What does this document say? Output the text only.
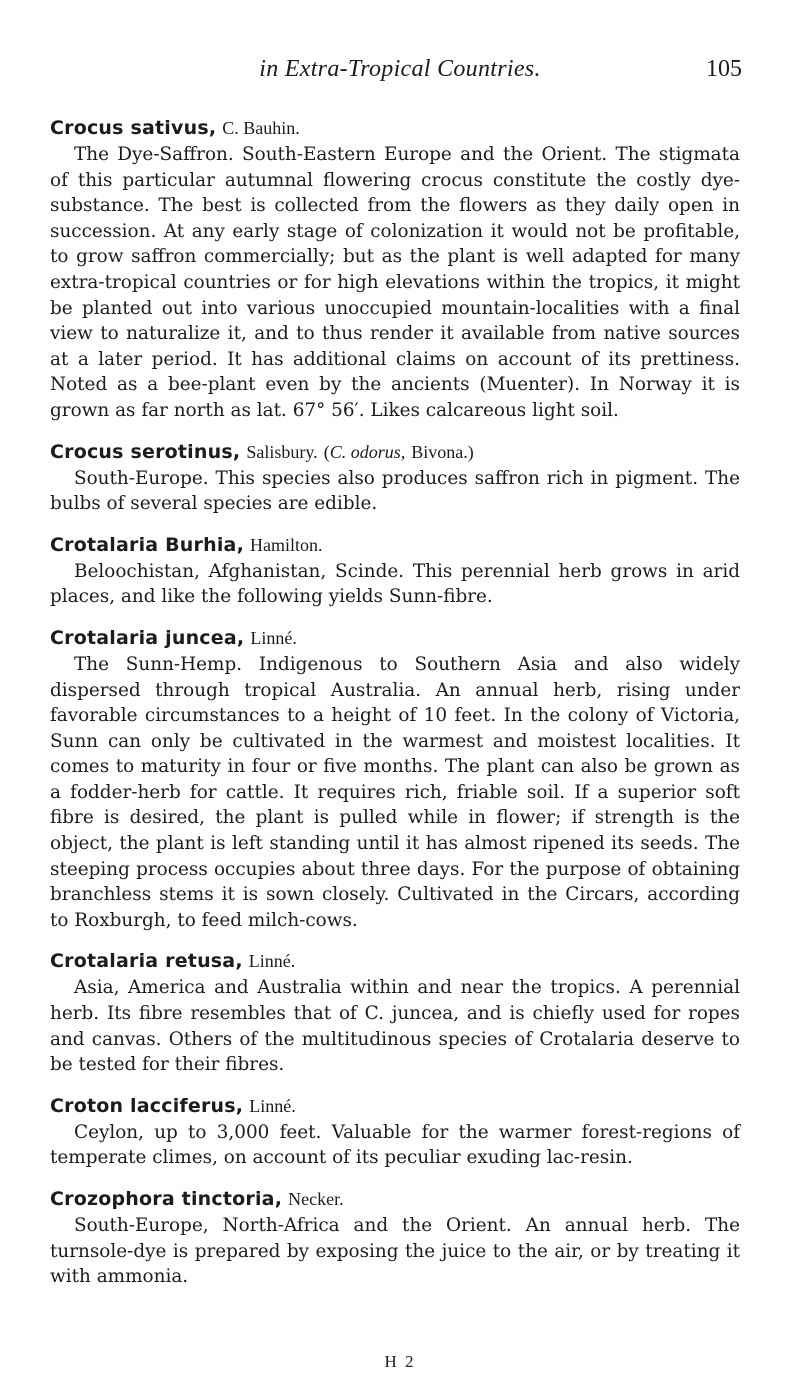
in Extra-Tropical Countries.	105
Crocus sativus, C. Bauhin.

The Dye-Saffron. South-Eastern Europe and the Orient. The stigmata of this particular autumnal flowering crocus constitute the costly dye-substance. The best is collected from the flowers as they daily open in succession. At any early stage of colonization it would not be profitable, to grow saffron commercially; but as the plant is well adapted for many extra-tropical countries or for high elevations within the tropics, it might be planted out into various unoccupied mountain-localities with a final view to naturalize it, and to thus render it available from native sources at a later period. It has additional claims on account of its prettiness. Noted as a bee-plant even by the ancients (Muenter). In Norway it is grown as far north as lat. 67° 56′. Likes calcareous light soil.

Crocus serotinus, Salisbury. (C. odorus, Bivona.)

South-Europe. This species also produces saffron rich in pigment. The bulbs of several species are edible.

Crotalaria Burhia, Hamilton.

Beloochistan, Afghanistan, Scinde. This perennial herb grows in arid places, and like the following yields Sunn-fibre.

Crotalaria juncea, Linné.

The Sunn-Hemp. Indigenous to Southern Asia and also widely dispersed through tropical Australia. An annual herb, rising under favorable circumstances to a height of 10 feet. In the colony of Victoria, Sunn can only be cultivated in the warmest and moistest localities. It comes to maturity in four or five months. The plant can also be grown as a fodder-herb for cattle. It requires rich, friable soil. If a superior soft fibre is desired, the plant is pulled while in flower; if strength is the object, the plant is left standing until it has almost ripened its seeds. The steeping process occupies about three days. For the purpose of obtaining branchless stems it is sown closely. Cultivated in the Circars, according to Roxburgh, to feed milch-cows.

Crotalaria retusa, Linné.

Asia, America and Australia within and near the tropics. A perennial herb. Its fibre resembles that of C. juncea, and is chiefly used for ropes and canvas. Others of the multitudinous species of Crotalaria deserve to be tested for their fibres.

Croton lacciferus, Linné.

Ceylon, up to 3,000 feet. Valuable for the warmer forest-regions of temperate climes, on account of its peculiar exuding lac-resin.

Crozophora tinctoria, Necker.

South-Europe, North-Africa and the Orient. An annual herb. The turnsole-dye is prepared by exposing the juice to the air, or by treating it with ammonia.

H 2
